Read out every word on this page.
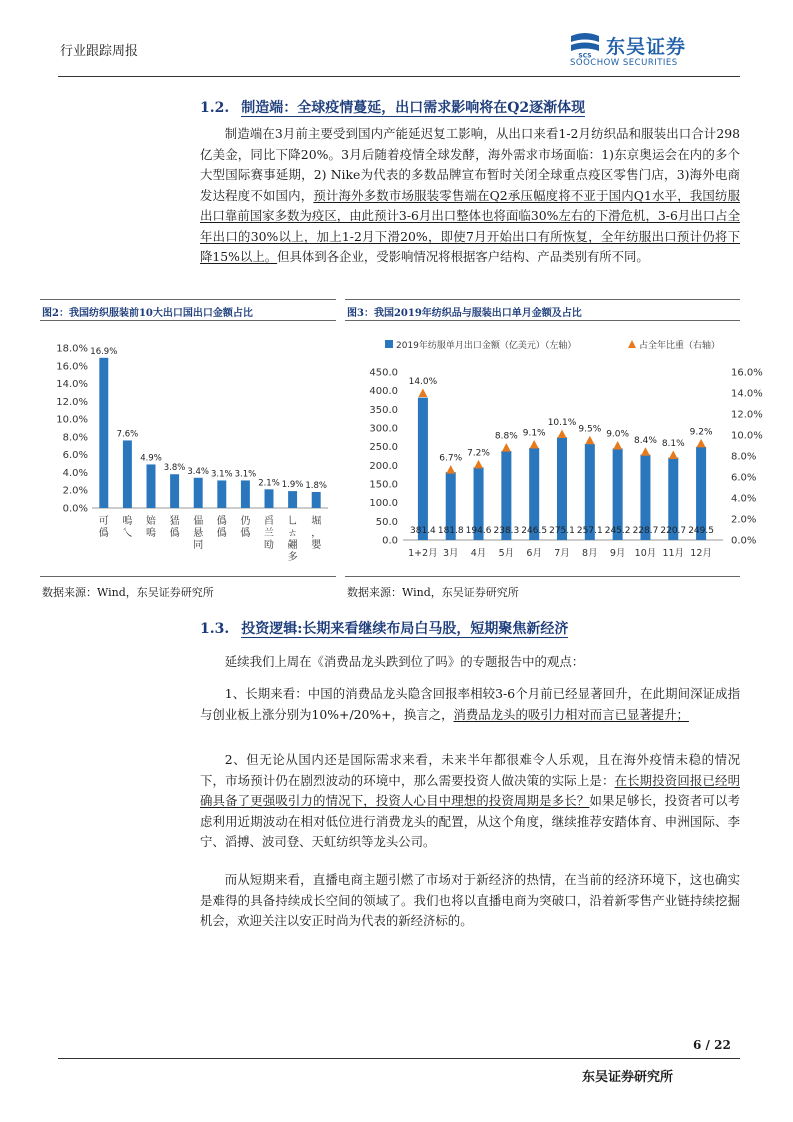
行业跟踪周报	SCS 东吴证券
SOOCHOW SECURITIES
1.2. 制造端：全球疫情蔓延，出口需求影响将在Q2逐渐体现
制造端在3月前主要受到国内产能延迟复工影响，从出口来看1-2月纺织品和服装出口合计298亿美金，同比下降20%。3月后随着疫情全球发酵，海外需求市场面临：1)东京奥运会在内的多个大型国际赛事延期，2) Nike为代表的多数品牌宣布暂时关闭全球重点疫区零售门店，3)海外电商发达程度不如国内，预计海外多数市场服装零售端在Q2承压幅度将不亚于国内Q1水平，我国纺服出口靠前国家多数为疫区，由此预计3-6月出口整体也将面临30%左右的下滑危机，3-6月出口占全年出口的30%以上，加上1-2月下滑20%，即使7月开始出口有所恢复，全年纺服出口预计仍将下降15%以上。但具体到各企业，受影响情况将根据客户结构、产品类别有所不同。
图2：我国纺织服装前10大出口国出口金额占比	图3：我国2019年纺织品与服装出口单月金额及占比
0.0%
2.0%
4.0%
6.0%
8.0%
10.0%
12.0%
14.0%
16.0%
18.0% 16.9%
7.6%
4.9%
3.8% 3.4% 3.1% 3.1%
2.1% 1.9% 1.8%
可僞
嗚乀
婄嗚
峱僞
偘悬同
僞僞
仍僞
舀兰劻
乚 ㄊ 翽多
堀，嬰
2019年纺服单月出口金额（亿美元）（左轴）	占全年比重（右轴）
0.0
50.0
100.0
150.0
200.0
250.0
300.0
350.0
400.0
450.0
0.0%
2.0%
4.0%
6.0%
8.0%
10.0%
12.0%
14.0%
16.0%
381.4 181.8 194.6 238.3 246.5 275.1 257.1 245.2 228.7 220.7 249.5
14.0%
6.7%
7.2%
8.8% 9.1%
10.1%
9.5%
9.0%
8.4% 8.1%
9.2%
1+2月 3月 4月 5月 6月 7月 8月 9月 10月 11月 12月
数据来源：Wind，东吴证券研究所	数据来源：Wind，东吴证券研究所
1.3. 投资逻辑:长期来看继续布局白马股，短期聚焦新经济
延续我们上周在《消费品龙头跌到位了吗》的专题报告中的观点：
1、长期来看：中国的消费品龙头隐含回报率相较3-6个月前已经显著回升，在此期间深证成指与创业板上涨分别为10%+/20%+，换言之，消费品龙头的吸引力相对而言已显著提升；
2、但无论从国内还是国际需求来看，未来半年都很难令人乐观，且在海外疫情未稳的情况下，市场预计仍在剧烈波动的环境中，那么需要投资人做决策的实际上是：在长期投资回报已经明确具备了更强吸引力的情况下，投资人心目中理想的投资周期是多长？如果足够长，投资者可以考虑利用近期波动在相对低位进行消费龙头的配置，从这个角度，继续推荐安踏体育、申洲国际、李宁、滔搏、波司登、天虹纺织等龙头公司。
而从短期来看，直播电商主题引燃了市场对于新经济的热情，在当前的经济环境下，这也确实是难得的具备持续成长空间的领域了。我们也将以直播电商为突破口，沿着新零售产业链持续挖掘机会，欢迎关注以安正时尚为代表的新经济标的。
6 / 22
东吴证券研究所
